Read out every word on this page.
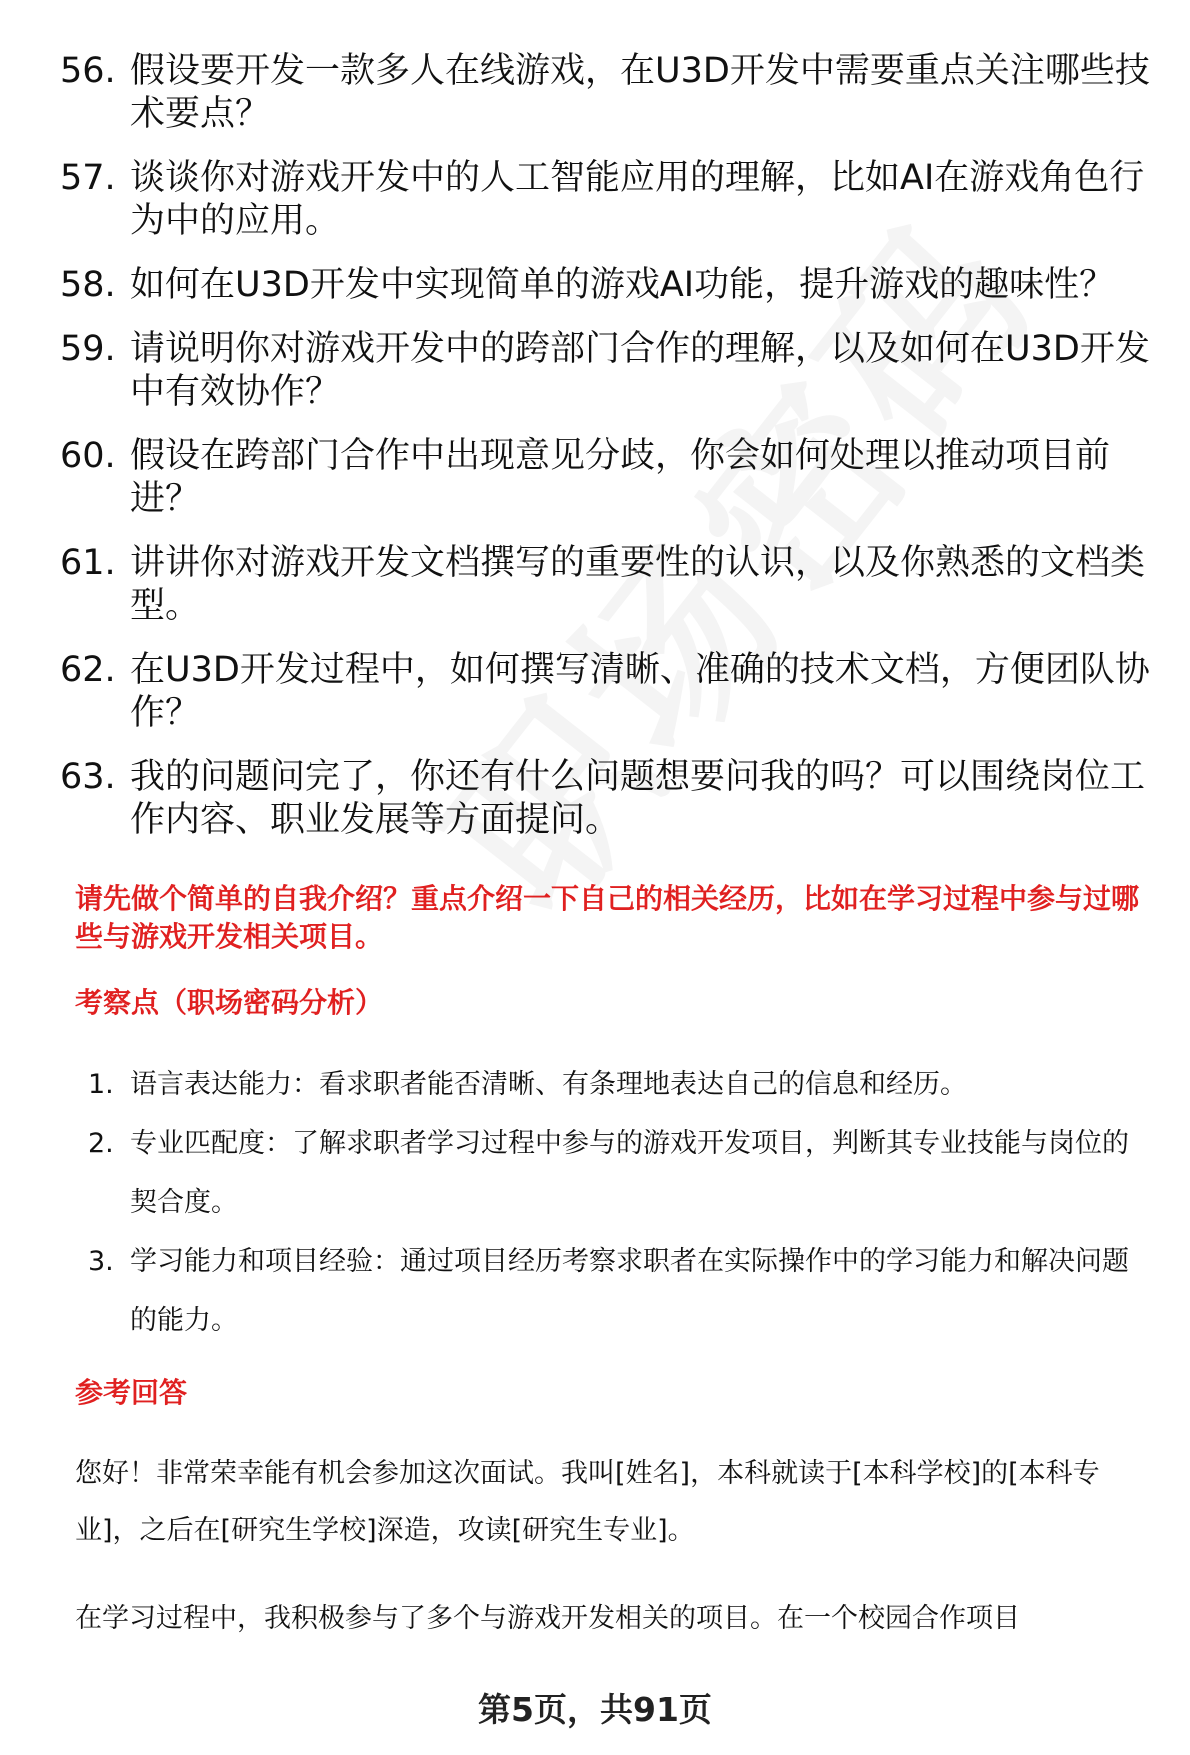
56. 假设要开发一款多人在线游戏，在U3D开发中需要重点关注哪些技术要点？
57. 谈谈你对游戏开发中的人工智能应用的理解，比如AI在游戏角色行为中的应用。
58. 如何在U3D开发中实现简单的游戏AI功能，提升游戏的趣味性？
59. 请说明你对游戏开发中的跨部门合作的理解，以及如何在U3D开发中有效协作？
60. 假设在跨部门合作中出现意见分歧，你会如何处理以推动项目前进？
61. 讲讲你对游戏开发文档撰写的重要性的认识，以及你熟悉的文档类型。
62. 在U3D开发过程中，如何撰写清晰、准确的技术文档，方便团队协作？
63. 我的问题问完了，你还有什么问题想要问我的吗？可以围绕岗位工作内容、职业发展等方面提问。
请先做个简单的自我介绍？重点介绍一下自己的相关经历，比如在学习过程中参与过哪些与游戏开发相关项目。
考察点（职场密码分析）
1. 语言表达能力：看求职者能否清晰、有条理地表达自己的信息和经历。
2. 专业匹配度：了解求职者学习过程中参与的游戏开发项目，判断其专业技能与岗位的契合度。
3. 学习能力和项目经验：通过项目经历考察求职者在实际操作中的学习能力和解决问题的能力。
参考回答
您好！非常荣幸能有机会参加这次面试。我叫[姓名]，本科就读于[本科学校]的[本科专业]，之后在[研究生学校]深造，攻读[研究生专业]。
在学习过程中，我积极参与了多个与游戏开发相关的项目。在一个校园合作项目
第5页，共91页
